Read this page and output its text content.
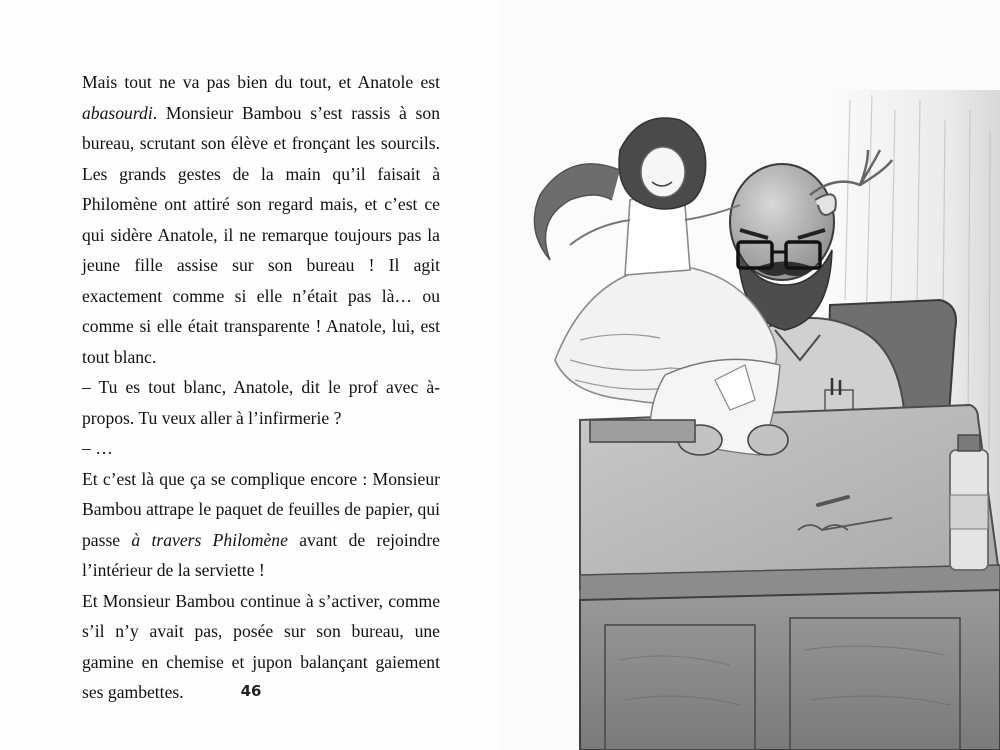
Mais tout ne va pas bien du tout, et Anatole est abasourdi. Monsieur Bambou s’est rassis à son bureau, scrutant son élève et fronçant les sourcils. Les grands gestes de la main qu’il faisait à Philomène ont attiré son regard mais, et c’est ce qui sidère Anatole, il ne remarque toujours pas la jeune fille assise sur son bureau ! Il agit exactement comme si elle n’était pas là… ou comme si elle était transparente ! Anatole, lui, est tout blanc.

– Tu es tout blanc, Anatole, dit le prof avec à-propos. Tu veux aller à l’infirmerie ?

– …

Et c’est là que ça se complique encore : Monsieur Bambou attrape le paquet de feuilles de papier, qui passe à travers Philomène avant de rejoindre l’intérieur de la serviette !

Et Monsieur Bambou continue à s’activer, comme s’il n’y avait pas, posée sur son bureau, une gamine en chemise et jupon balançant gaiement ses gambettes.	46
